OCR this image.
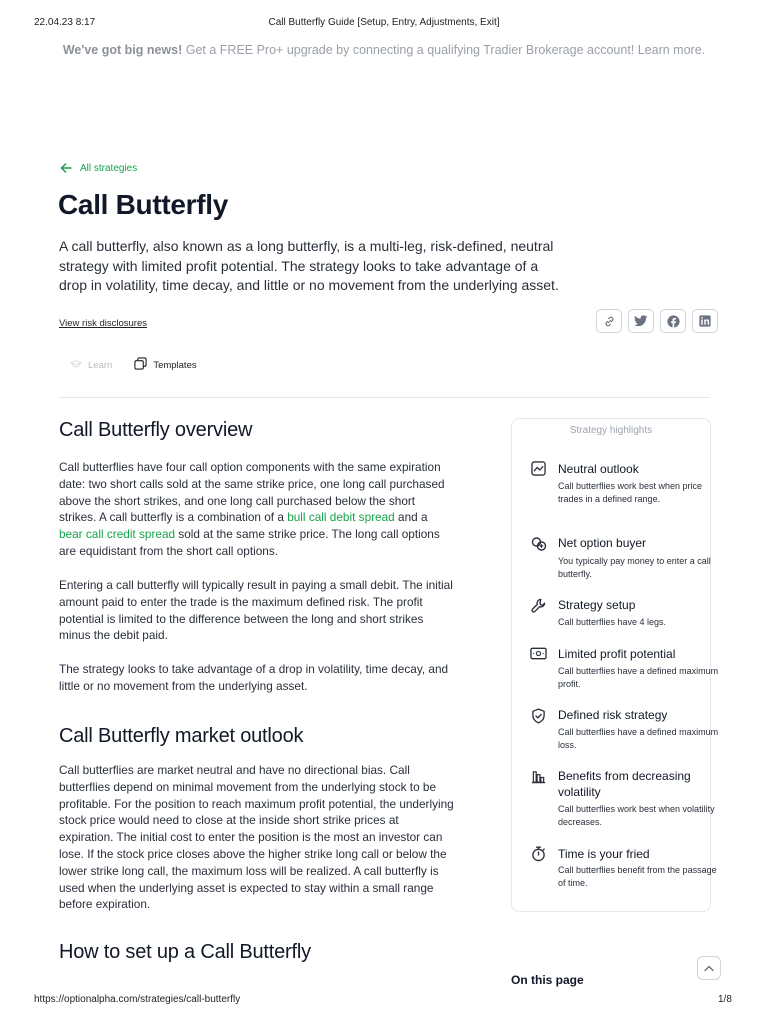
22.04.23 8:17	Call Butterfly Guide [Setup, Entry, Adjustments, Exit]
We've got big news! Get a FREE Pro+ upgrade by connecting a qualifying Tradier Brokerage account! Learn more.
All strategies
Call Butterfly
A call butterfly, also known as a long butterfly, is a multi-leg, risk-defined, neutral strategy with limited profit potential. The strategy looks to take advantage of a drop in volatility, time decay, and little or no movement from the underlying asset.
View risk disclosures
Learn	Templates
Call Butterfly overview
Call butterflies have four call option components with the same expiration date: two short calls sold at the same strike price, one long call purchased above the short strikes, and one long call purchased below the short strikes. A call butterfly is a combination of a bull call debit spread and a bear call credit spread sold at the same strike price. The long call options are equidistant from the short call options.
Entering a call butterfly will typically result in paying a small debit. The initial amount paid to enter the trade is the maximum defined risk. The profit potential is limited to the difference between the long and short strikes minus the debit paid.
The strategy looks to take advantage of a drop in volatility, time decay, and little or no movement from the underlying asset.
Call Butterfly market outlook
Call butterflies are market neutral and have no directional bias. Call butterflies depend on minimal movement from the underlying stock to be profitable. For the position to reach maximum profit potential, the underlying stock price would need to close at the inside short strike prices at expiration. The initial cost to enter the position is the most an investor can lose. If the stock price closes above the higher strike long call or below the lower strike long call, the maximum loss will be realized. A call butterfly is used when the underlying asset is expected to stay within a small range before expiration.
How to set up a Call Butterfly
Strategy highlights
Neutral outlook
Call butterflies work best when price trades in a defined range.
Net option buyer
You typically pay money to enter a call butterfly.
Strategy setup
Call butterflies have 4 legs.
Limited profit potential
Call butterflies have a defined maximum profit.
Defined risk strategy
Call butterflies have a defined maximum loss.
Benefits from decreasing volatility
Call butterflies work best when volatility decreases.
Time is your fried
Call butterflies benefit from the passage of time.
On this page
https://optionalpha.com/strategies/call-butterfly	1/8
